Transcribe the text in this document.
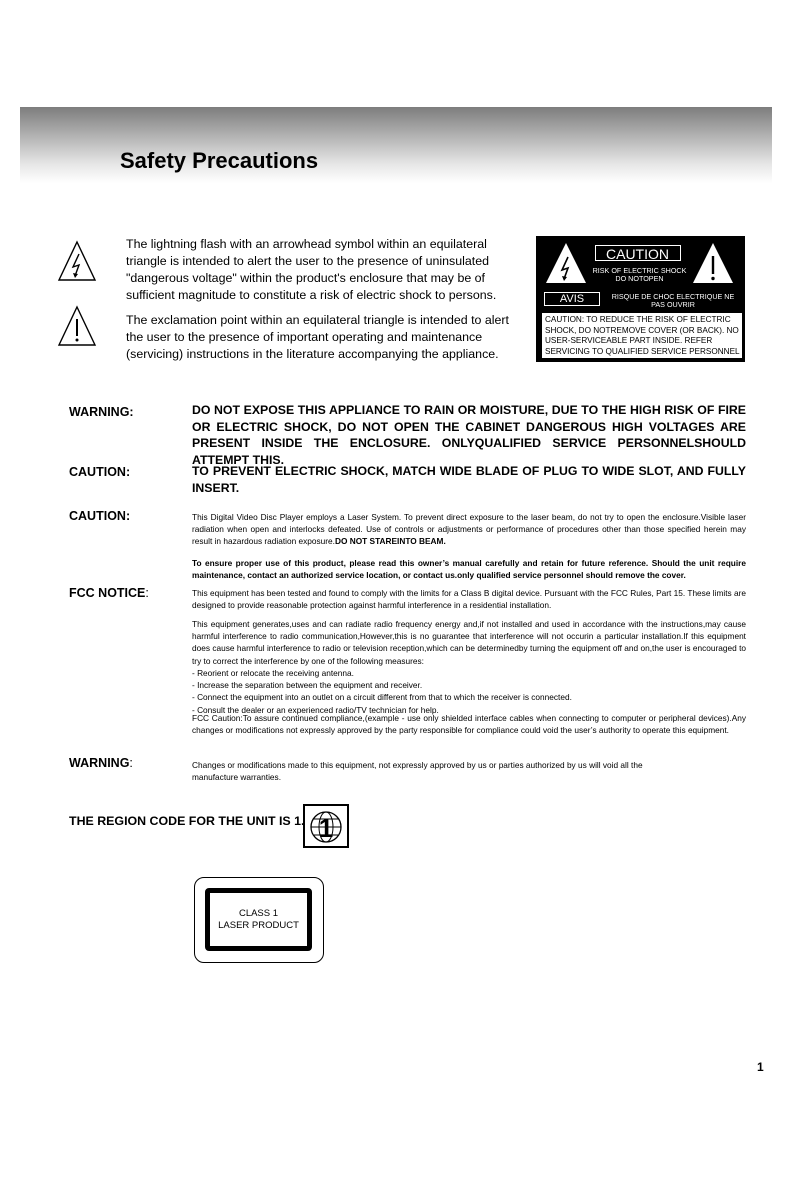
Safety Precautions

The lightning flash with an arrowhead symbol within an equilateral triangle is intended to alert the user to the presence of uninsulated "dangerous voltage" within the product's enclosure that may be of sufficient magnitude to constitute a risk of electric shock to persons.

The exclamation point within an equilateral triangle is intended to alert the user to the presence of important operating and maintenance (servicing) instructions in the literature accompanying the appliance.

CAUTION
RISK OF ELECTRIC SHOCK
DO NOTOPEN
AVIS	RISQUE DE CHOC ELECTRIQUE NE
PAS OUVRIR
CAUTION: TO REDUCE THE RISK OF ELECTRIC SHOCK, DO NOTREMOVE COVER (OR BACK). NO USER-SERVICEABLE PART INSIDE. REFER SERVICING TO QUALIFIED SERVICE PERSONNEL
WARNING:	DO NOT EXPOSE THIS APPLIANCE TO RAIN OR MOISTURE, DUE TO THE HIGH RISK OF FIRE OR ELECTRIC SHOCK, DO NOT OPEN THE CABINET DANGEROUS HIGH VOLTAGES ARE PRESENT INSIDE THE ENCLOSURE. ONLYQUALIFIED SERVICE PERSONNELSHOULD ATTEMPT THIS.

CAUTION:	TO PREVENT ELECTRIC SHOCK, MATCH WIDE BLADE OF PLUG TO WIDE SLOT, AND FULLY INSERT.

CAUTION:	This Digital Video Disc Player employs a Laser System. To prevent direct exposure to the laser beam, do not try to open the enclosure.Visible laser radiation when open and interlocks defeated. Use of controls or adjustments or performance of procedures other than those specified herein may result in hazardous radiation exposure.DO NOT STAREINTO BEAM.

To ensure proper use of this product, please read this owner’s manual carefully and retain for future reference. Should the unit require maintenance, contact an authorized service location, or contact us.only qualified service personnel should remove the cover.

FCC NOTICE:	This equipment has been tested and found to comply with the limits for a Class B digital device. Pursuant with the FCC Rules, Part 15. These limits are designed to provide reasonable protection against harmful interference in a residential installation.

This equipment generates,uses and can radiate radio frequency energy and,if not installed and used in accordance with the instructions,may cause harmful interference to radio communication,However,this is no guarantee that interference will not occurin a particular installation.If this equipment does cause harmful interference to radio or television reception,which can be determinedby turning the equipment off and on,the user is encouraged to try to correct the interference by one of the following measures:

- Reorient or relocate the receiving antenna.
- Increase the separation between the equipment and receiver.
- Connect the equipment into an outlet on a circuit different from that to which the receiver is connected.
- Consult the dealer or an experienced radio/TV technician for help.

FCC Caution:To assure continued compliance,(example - use only shielded interface cables when connecting to computer or peripheral devices).Any changes or modifications not expressly approved by the party responsible for compliance could void the user’s authority to operate this equipment.

WARNING:	Changes or modifications made to this equipment, not expressly approved by us or parties authorized by us will void all the
manufacture warranties.
THE REGION CODE FOR THE UNIT IS 1. 1
CLASS 1
LASER PRODUCT
1
